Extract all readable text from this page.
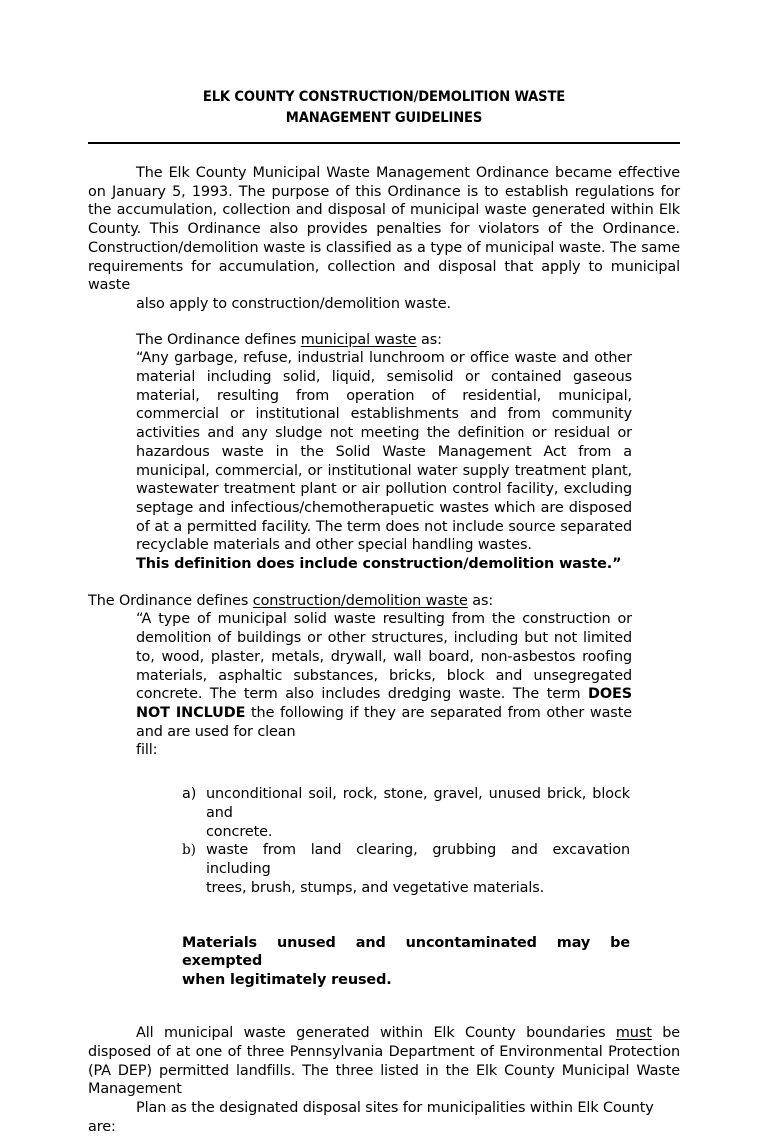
ELK COUNTY CONSTRUCTION/DEMOLITION WASTE
MANAGEMENT GUIDELINES

The Elk County Municipal Waste Management Ordinance became effective on January 5, 1993. The purpose of this Ordinance is to establish regulations for the accumulation, collection and disposal of municipal waste generated within Elk County. This Ordinance also provides penalties for violators of the Ordinance. Construction/demolition waste is classified as a type of municipal waste. The same requirements for accumulation, collection and disposal that apply to municipal waste
also apply to construction/demolition waste.

The Ordinance defines municipal waste as:

“Any garbage, refuse, industrial lunchroom or office waste and other material including solid, liquid, semisolid or contained gaseous material, resulting from operation of residential, municipal, commercial or institutional establishments and from community activities and any sludge not meeting the definition or residual or hazardous waste in the Solid Waste Management Act from a municipal, commercial, or institutional water supply treatment plant, wastewater treatment plant or air pollution control facility, excluding septage and infectious/chemotherapuetic wastes which are disposed of at a permitted facility. The term does not include source separated recyclable materials and other special handling wastes.
This definition does include construction/demolition waste.”

The Ordinance defines construction/demolition waste as:

“A type of municipal solid waste resulting from the construction or demolition of buildings or other structures, including but not limited to, wood, plaster, metals, drywall, wall board, non-asbestos roofing materials, asphaltic substances, bricks, block and unsegregated concrete. The term also includes dredging waste. The term DOES NOT INCLUDE the following if they are separated from other waste and are used for clean
fill:

a) unconditional soil, rock, stone, gravel, unused brick, block and
concrete.
b) waste from land clearing, grubbing and excavation including
trees, brush, stumps, and vegetative materials.

Materials unused and uncontaminated may be exempted
when legitimately reused.

All municipal waste generated within Elk County boundaries must be disposed of at one of three Pennsylvania Department of Environmental Protection (PA DEP) permitted landfills. The three listed in the Elk County Municipal Waste Management
Plan as the designated disposal sites for municipalities within Elk County are:
